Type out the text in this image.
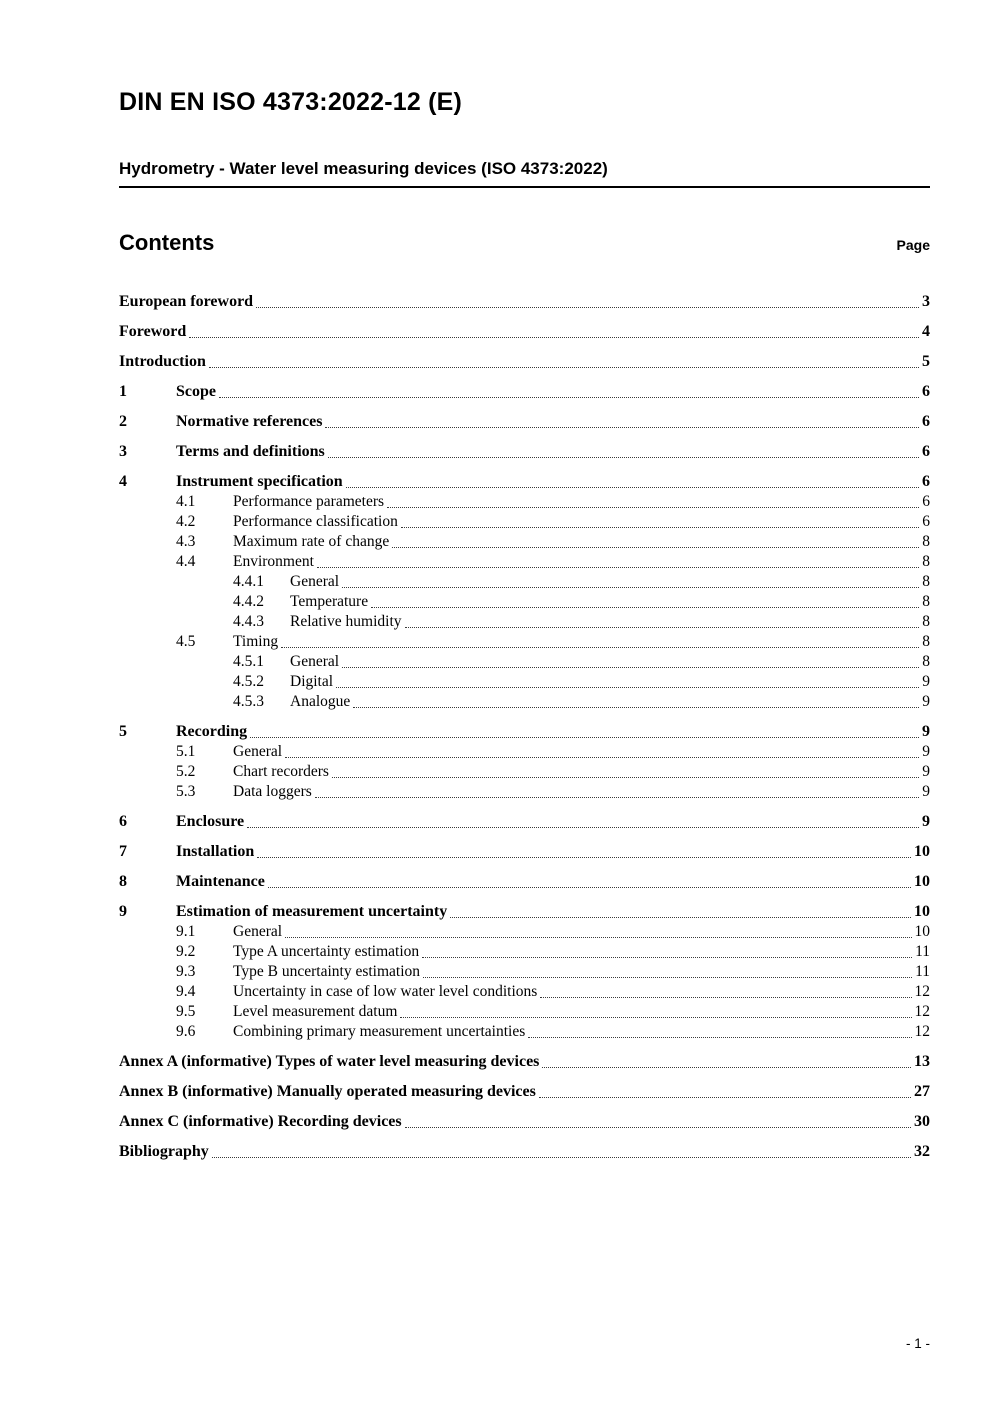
DIN EN ISO 4373:2022-12 (E)
Hydrometry - Water level measuring devices (ISO 4373:2022)
Contents	Page
European foreword	3
Foreword	4
Introduction	5
1	Scope	6
2	Normative references	6
3	Terms and definitions	6
4	Instrument specification	6
4.1	Performance parameters	6
4.2	Performance classification	6
4.3	Maximum rate of change	8
4.4	Environment	8
4.4.1	General	8
4.4.2	Temperature	8
4.4.3	Relative humidity	8
4.5	Timing	8
4.5.1	General	8
4.5.2	Digital	9
4.5.3	Analogue	9
5	Recording	9
5.1	General	9
5.2	Chart recorders	9
5.3	Data loggers	9
6	Enclosure	9
7	Installation	10
8	Maintenance	10
9	Estimation of measurement uncertainty	10
9.1	General	10
9.2	Type A uncertainty estimation	11
9.3	Type B uncertainty estimation	11
9.4	Uncertainty in case of low water level conditions	12
9.5	Level measurement datum	12
9.6	Combining primary measurement uncertainties	12
Annex A (informative) Types of water level measuring devices	13
Annex B (informative) Manually operated measuring devices	27
Annex C (informative) Recording devices	30
Bibliography	32
- 1 -
